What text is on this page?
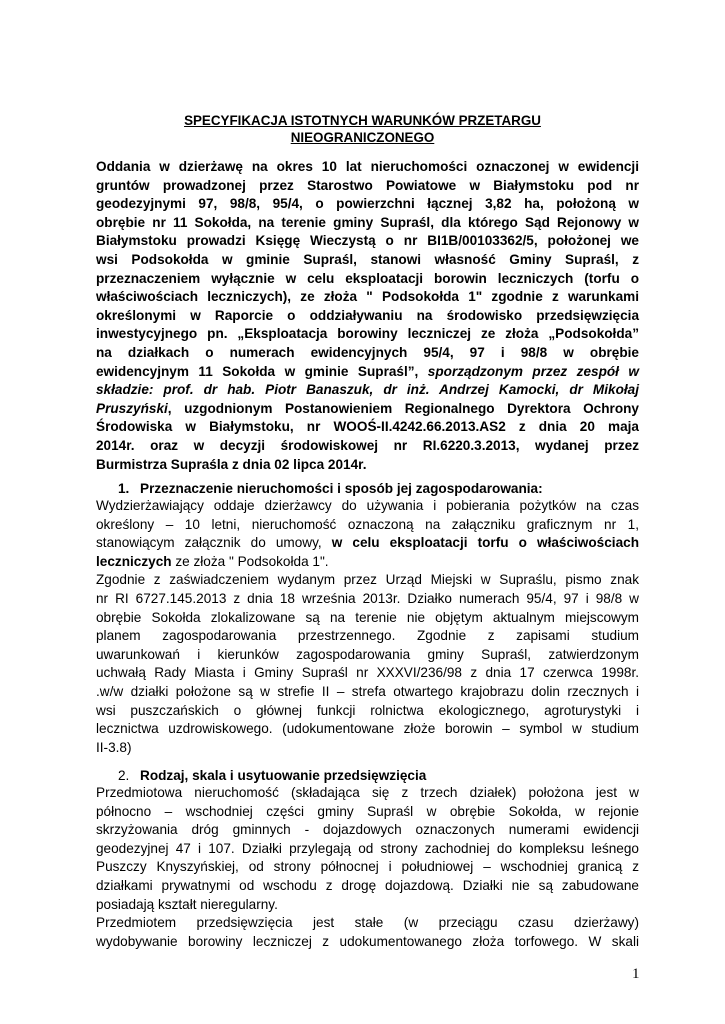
SPECYFIKACJA ISTOTNYCH WARUNKÓW PRZETARGU
NIEOGRANICZONEGO
Oddania w dzierżawę na okres 10 lat nieruchomości oznaczonej w ewidencji
gruntów prowadzonej przez Starostwo Powiatowe w Białymstoku pod nr
geodezyjnymi 97, 98/8, 95/4, o powierzchni łącznej 3,82 ha, położoną w
obrębie nr 11 Sokołda, na terenie gminy Supraśl, dla którego Sąd Rejonowy w
Białymstoku prowadzi Księgę Wieczystą o nr BI1B/00103362/5, położonej we
wsi Podsokołda w gminie Supraśl, stanowi własność Gminy Supraśl, z
przeznaczeniem wyłącznie w celu eksploatacji borowin leczniczych (torfu o
właściwościach leczniczych), ze złoża " Podsokołda 1" zgodnie z warunkami
określonymi w Raporcie o oddziaływaniu na środowisko przedsięwzięcia
inwestycyjnego pn. „Eksploatacja borowiny leczniczej ze złoża „Podsokołda”
na działkach o numerach ewidencyjnych 95/4, 97 i 98/8 w obrębie
ewidencyjnym 11 Sokołda w gminie Supraśl”, sporządzonym przez zespół w
składzie: prof. dr hab. Piotr Banaszuk, dr inż. Andrzej Kamocki, dr Mikołaj
Pruszyński, uzgodnionym Postanowieniem Regionalnego Dyrektora Ochrony
Środowiska w Białymstoku, nr WOOŚ-II.4242.66.2013.AS2 z dnia 20 maja
2014r. oraz w decyzji środowiskowej nr RI.6220.3.2013, wydanej przez
Burmistrza Supraśla z dnia 02 lipca 2014r.
1. Przeznaczenie nieruchomości i sposób jej zagospodarowania:
Wydzierżawiający oddaje dzierżawcy do używania i pobierania pożytków na czas
określony – 10 letni, nieruchomość oznaczoną na załączniku graficznym nr 1,
stanowiącym załącznik do umowy, w celu eksploatacji torfu o właściwościach
leczniczych ze złoża " Podsokołda 1".
Zgodnie z zaświadczeniem wydanym przez Urząd Miejski w Supraślu, pismo znak
nr RI 6727.145.2013 z dnia 18 września 2013r. Działko numerach 95/4, 97 i 98/8 w
obrębie Sokołda zlokalizowane są na terenie nie objętym aktualnym miejscowym
planem zagospodarowania przestrzennego. Zgodnie z zapisami studium
uwarunkowań i kierunków zagospodarowania gminy Supraśl, zatwierdzonym
uchwałą Rady Miasta i Gminy Supraśl nr XXXVI/236/98 z dnia 17 czerwca 1998r.
.w/w działki położone są w strefie II – strefa otwartego krajobrazu dolin rzecznych i
wsi puszczańskich o głównej funkcji rolnictwa ekologicznego, agroturystyki i
lecznictwa uzdrowiskowego. (udokumentowane złoże borowin – symbol w studium
II-3.8)
2. Rodzaj, skala i usytuowanie przedsięwzięcia
Przedmiotowa nieruchomość (składająca się z trzech działek) położona jest w
północno – wschodniej części gminy Supraśl w obrębie Sokołda, w rejonie
skrzyżowania dróg gminnych - dojazdowych oznaczonych numerami ewidencji
geodezyjnej 47 i 107. Działki przylegają od strony zachodniej do kompleksu leśnego
Puszczy Knyszyńskiej, od strony północnej i południowej – wschodniej granicą z
działkami prywatnymi od wschodu z drogę dojazdową. Działki nie są zabudowane
posiadają kształt nieregularny.
Przedmiotem przedsięwzięcia jest stałe (w przeciągu czasu dzierżawy)
wydobywanie borowiny leczniczej z udokumentowanego złoża torfowego. W skali
1
